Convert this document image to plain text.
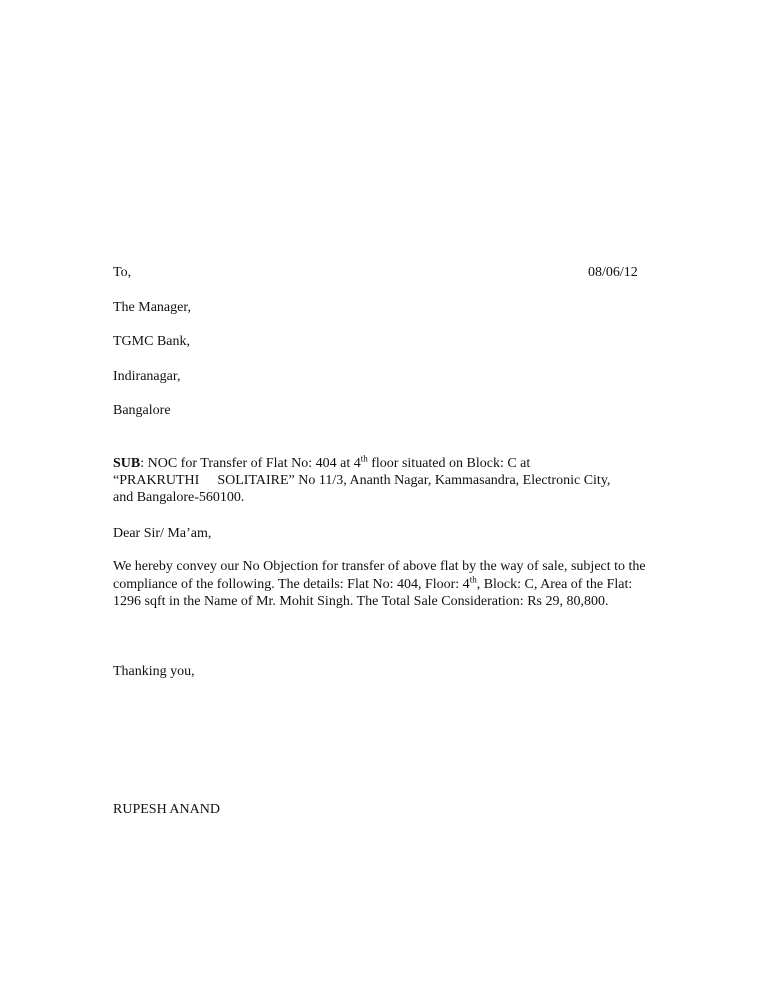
To,	08/06/12
The Manager,
TGMC Bank,
Indiranagar,
Bangalore
SUB: NOC for Transfer of Flat No: 404 at 4th floor situated on Block: C at
“PRAKRUTHI SOLITAIRE” No 11/3, Ananth Nagar, Kammasandra, Electronic City,
and Bangalore-560100.
Dear Sir/ Ma’am,
We hereby convey our No Objection for transfer of above flat by the way of sale, subject to the compliance of the following. The details: Flat No: 404, Floor: 4th, Block: C, Area of the Flat: 1296 sqft in the Name of Mr. Mohit Singh. The Total Sale Consideration: Rs 29, 80,800.
Thanking you,
RUPESH ANAND
